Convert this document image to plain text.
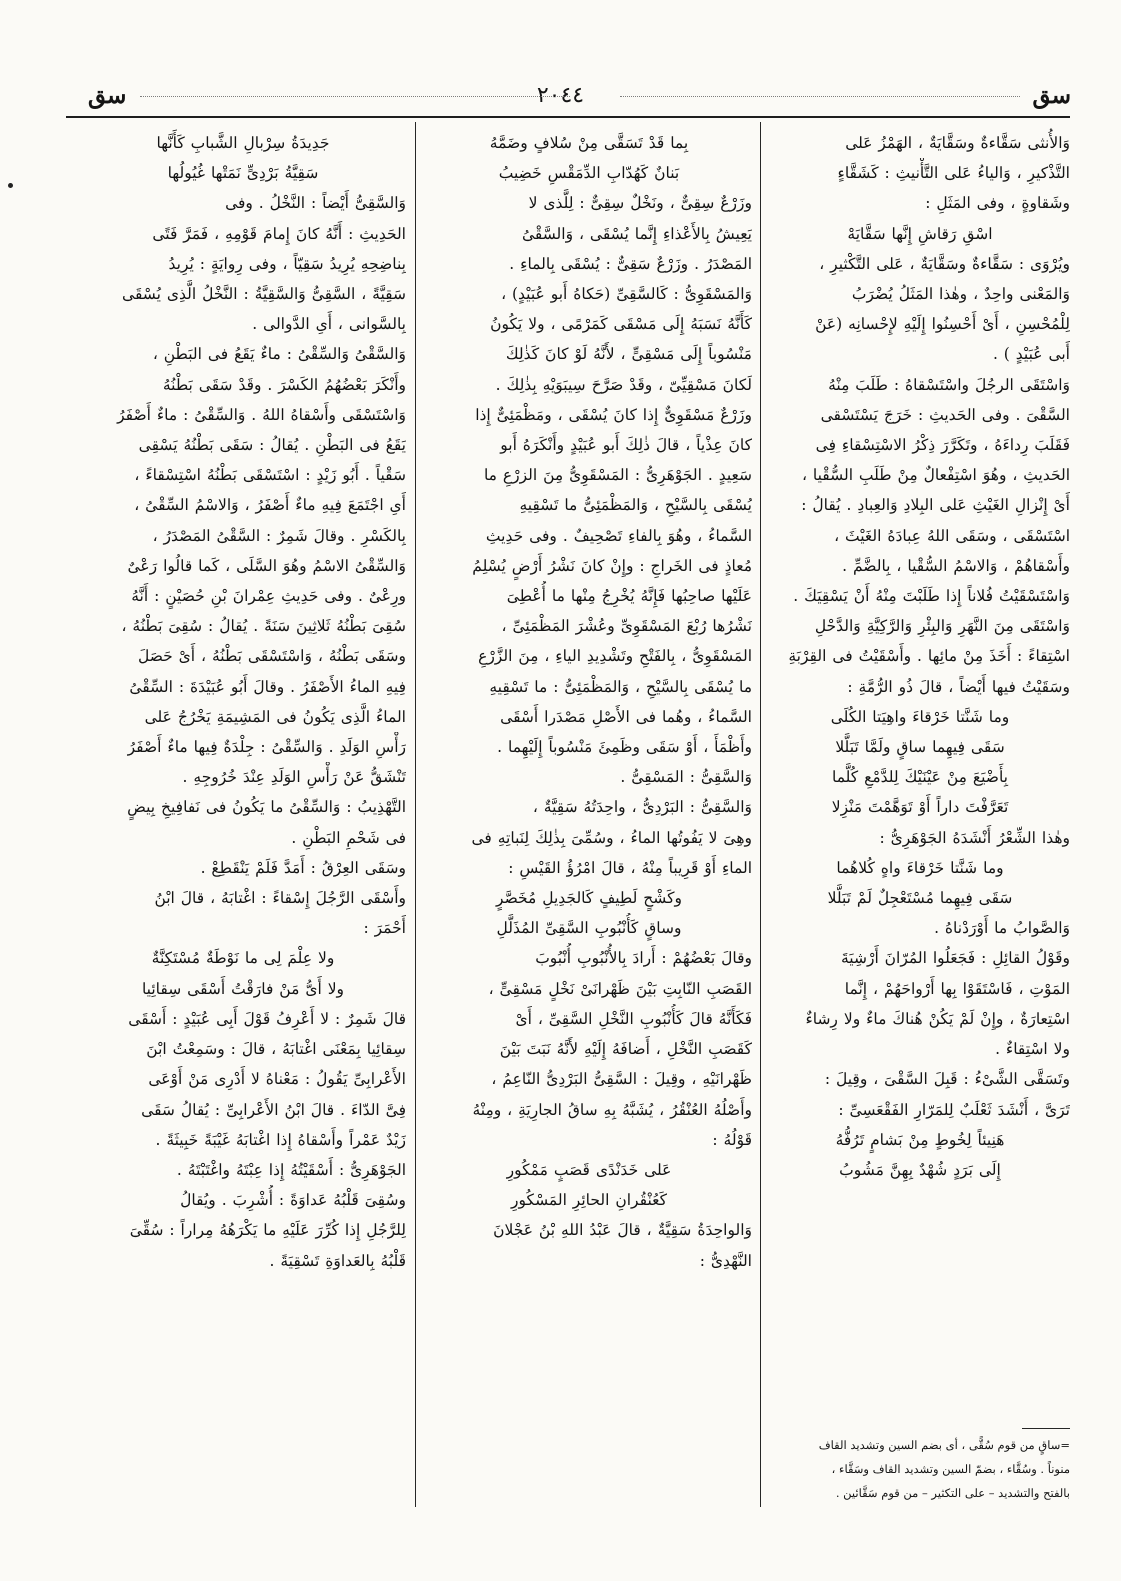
سق
٢٠٤٤
سق
وَالأُنثى سَقَّاءةٌ وسَقَّايَةٌ ، الهَمْزُ عَلى
التَّذْكيرِ ، وَالياءُ عَلى التَّأْنيثِ : كَشَقَّاءٍ
وشَقاوةٍ ، وفى المَثَلِ :
اسْقِ رَقاشِ إِنَّها سَقَّايَهْ
ويُرْوَى : سَقَّاءةٌ وسَقَّايَةٌ ، عَلى التَّكْثيرِ ،
وَالمَعْنى واحِدٌ ، وهٰذا المَثَلُ يُضْرَبُ
لِلْمُحْسِنِ ، أَىْ أَحْسِنُوا إِلَيْهِ لإِحْسانِه (عَنْ
أَبى عُبَيْدٍ ) .
وَاسْتَقَى الرجُلَ واسْتَسْقاهُ : طَلَبَ مِنْهُ
السَّقْىَ . وفى الحَديثِ : خَرَجَ يَسْتَسْقى
فَقَلَبَ رِداءَهُ ، وتَكَرَّرَ ذِكْرُ الاسْتِسْقاءِ فِى
الحَديثِ ، وهُوَ اسْتِفْعالٌ مِنْ طَلَبِ السُّقْيا ،
أَىْ إِنْزالِ الغَيْثِ عَلى البِلادِ وَالعِبادِ . يُقالُ :
اسْتَسْقَى ، وسَقَى اللهُ عِبادَهُ الغَيْثَ ،
وأَسْقاهُمْ ، وَالاسْمُ السُّقْيا ، بِالضَّمِّ .
وَاسْتَسْقَيْتُ فُلاناً إِذا طَلَبْتَ مِنْهُ أَنْ يَسْقِيَكَ .
وَاسْتَقَى مِنَ النَّهَرِ وَالبِئْرِ وَالرَّكِيَّةِ وَالدَّحْلِ
اسْتِقاءً : أَخَذَ مِنْ مائِها . وأَسْقَيْتُ فى القِرْبَةِ
وسَقَيْتُ فيها أَيْضاً ، قالَ ذُو الرُّمَّةِ :
وما شَنَّتا خَرْقاءَ واهِيَتا الكُلَى
سَقَى فِيهِما ساقٍ ولَمَّا تَبَلَّلا
بِأَضْيَعَ مِنْ عَيْنَيْكَ لِلدَّمْعِ كُلَّما
تَعَرَّفْتَ داراً أَوْ تَوَهَّمْتَ مَنْزِلا
وهٰذا الشِّعْرُ أَنْشَدَهُ الجَوْهَرِىُّ :
وما شَنَّتا خَرْقاءَ واهٍ كُلاهُما
سَقَى فِيهِما مُسْتَعْجِلٌ لَمْ تَبَلَّلا
وَالصَّوابُ ما أَوْرَدْناهُ .
وقَوْلُ القائِلِ : فَجَعَلُوا المُرّانَ أَرْشِيَةَ
المَوْتِ ، فَاسْتَقَوْا بِها أَرْواحَهُمْ ، إِنَّما
اسْتِعارَةٌ ، وإِنْ لَمْ يَكُنْ هُناكَ ماءٌ ولا رِشاءٌ
ولا اسْتِقاءٌ .
وتَسَقَّى الشَّىْءُ : قَبِلَ السَّقْىَ ، وقِيلَ :
تَرَىَّ ، أَنْشَدَ ثَعْلَبٌ لِلمَرّارِ الفَقْعَسِىِّ :
هَنِيئاً لِخُوطٍ مِنْ بَشامٍ تَرُفُّهُ
إِلَى بَرَدٍ شُهْدٌ بِهِنَّ مَشُوبُ
بِما قَدْ تَسَقَّى مِنْ سُلافٍ وضَمَّهُ
بَنانٌ كَهُدّابِ الدِّمَقْسِ خَضِيبُ
وزَرْعٌ سِقِىٌّ ، ونَخْلٌ سِقِىٌّ : لِلَّذى لا
يَعِيشُ بِالأَعْذاءِ إِنَّما يُسْقَى ، وَالسَّقْىُ
المَصْدَرُ . وزَرْعٌ سَقِىٌّ : يُسْقَى بِالماءِ .
وَالمَسْقَوِىُّ : كَالسَّقِىِّ (حَكاهُ أَبو عُبَيْدٍ) ،
كَأَنَّهُ نَسَبَهُ إِلَى مَسْقَى كَمَرْمًى ، ولا يَكُونُ
مَنْسُوباً إِلَى مَسْقِىٍّ ، لأَنَّهُ لَوْ كانَ كَذٰلِكَ
لَكانَ مَسْقِيِّىّ ، وقَدْ صَرَّحَ سِيبَوَيْهِ بِذٰلِكَ .
وزَرْعٌ مَسْقَوِىٌّ إِذا كانَ يُسْقَى ، ومَظْمَئِىٌّ إِذا
كانَ عِذْياً ، قالَ ذٰلِكَ أَبو عُبَيْدٍ وأَنْكَرَهُ أَبو
سَعِيدٍ . الجَوْهَرِىُّ : المَسْقَوِىُّ مِنَ الزرْعِ ما
يُسْقَى بِالسَّيْحِ ، وَالمَظْمَئِىُّ ما تَسْقِيهِ
السَّماءُ ، وهُوَ بِالفاءِ تَصْحِيفٌ . وفى حَدِيثِ
مُعاذٍ فى الخَراجِ : وإِنْ كانَ نَشْرُ أَرْضٍ يُسْلِمُ
عَلَيْها صاحِبُها فَإِنَّهُ يُخْرِجُ مِنْها ما أُعْطِىَ
نَشْرُها رُبْعَ المَسْقَوِىِّ وعُشْرَ المَظْمَئِىِّ ،
المَسْقَوِىُّ ، بِالفَتْحِ وتَشْدِيدِ الياءِ ، مِنَ الزَّرْعِ
ما يُسْقَى بِالسَّيْحِ ، وَالمَظْمَئِىُّ : ما تَسْقِيهِ
السَّماءُ ، وهُما فى الأَصْلِ مَصْدَرا أَسْقَى
وأَظْمَأَ ، أَوْ سَقَى وظَمِئَ مَنْسُوباً إِلَيْهِما .
وَالسَّقِىُّ : المَسْقِىُّ .
وَالسَّقِىُّ : البَرْدِىُّ ، واحِدَتُهُ سَقِيَّةٌ ،
وهِىَ لا يَفُوتُها الماءُ ، وسُمِّىَ بِذٰلِكَ لِنَباتِهِ فى
الماءِ أَوْ قَرِيباً مِنْهُ ، قالَ امْرُؤُ القَيْسِ :
وكَشْحٍ لَطِيفٍ كَالجَدِيلِ مُخَصَّرٍ
وساقٍ كَأُنْبُوبِ السَّقِىِّ المُذَلَّلِ
وقالَ بَعْضُهُمْ : أَرادَ بِالأُنْبُوبِ أُنْبُوبَ
القَصَبِ النّابِتِ بَيْنَ ظَهْرانَىْ نَخْلٍ مَسْقِىٍّ ،
فَكَأَنَّهُ قالَ كَأُنْبُوبِ النَّخْلِ السَّقِىِّ ، أَىْ
كَقَصَبِ النَّخْلِ ، أَضافَهُ إِلَيْهِ لأَنَّهُ نَبَتَ بَيْنَ
ظَهْرانَيْهِ ، وقِيلَ : السَّقِىُّ البَرْدِىُّ النّاعِمُ ،
وأَصْلُهُ العُنْقُرُ ، يُشَبَّهُ بِهِ ساقُ الجارِيَةِ ، ومِنْهُ
قَوْلُهُ :
عَلى خَدَنْدًى قَصَبٍ مَمْكُورِ
كَعُنْقُرانِ الحائِرِ المَسْكُورِ
وَالواحِدَةُ سَقِيَّةٌ ، قالَ عَبْدُ اللهِ بْنُ عَجْلانَ
النَّهْدِىُّ :
جَدِيدَةُ سِرْبالِ الشَّبابِ كَأَنَّها
سَقِيَّةُ بَرْدِىٍّ نَمَتْها غُيُولُها
وَالسَّقِىُّ أَيْضاً : النَّخْلُ . وفى
الحَدِيثِ : أَنَّهُ كانَ إِمامَ قَوْمِهِ ، فَمَرَّ فَتًى
بِناضِحِهِ يُرِيدُ سَقِيّاً ، وفى رِوايَةٍ : يُرِيدُ
سَقِيَّةً ، السَّقِىُّ وَالسَّقِيَّةُ : النَّخْلُ الَّذِى يُسْقَى
بِالسَّوانى ، أَىِ الدَّوالى .
وَالسَّقْىُ وَالسِّقْىُ : ماءٌ يَقَعُ فى البَطْنِ ،
وأَنْكَرَ بَعْضُهُمُ الكَسْرَ . وقَدْ سَقَى بَطْنُهُ
وَاسْتَسْقَى وأَسْقاهُ اللهُ . وَالسِّقْىُ : ماءٌ أَصْفَرُ
يَقَعُ فى البَطْنِ . يُقالُ : سَقَى بَطْنُهُ يَسْقِى
سَقْياً . أَبُو زَيْدٍ : اسْتَسْقَى بَطْنُهُ اسْتِسْقاءً ،
أَىِ اجْتَمَعَ فِيهِ ماءٌ أَصْفَرُ ، وَالاسْمُ السِّقْىُ ،
بِالكَسْرِ . وقالَ شَمِرٌ : السَّقْىُ المَصْدَرُ ،
وَالسِّقْىُ الاسْمُ وهُوَ السَّلَى ، كَما قالُوا رَعْىٌ
ورِعْىٌ . وفى حَدِيثِ عِمْرانَ بْنِ حُصَيْنٍ : أَنَّهُ
سُقِىَ بَطْنُهُ ثَلاثِينَ سَنَةً . يُقالُ : سُقِىَ بَطْنُهُ ،
وسَقَى بَطْنُهُ ، وَاسْتَسْقَى بَطْنُهُ ، أَىْ حَصَلَ
فِيهِ الماءُ الأَصْفَرُ . وقالَ أَبُو عُبَيْدَةَ : السِّقْىُ
الماءُ الَّذِى يَكُونُ فى المَشِيمَةِ يَخْرُجُ عَلى
رَأْسِ الوَلَدِ . وَالسِّقْىُ : جِلْدَةٌ فِيها ماءٌ أَصْفَرُ
تَنْشَقُّ عَنْ رَأْسِ الوَلَدِ عِنْدَ خُرُوجِهِ .
التَّهْذِيبُ : وَالسِّقْىُ ما يَكُونُ فى نَفافِيخِ بِيضٍ
فى شَحْمِ البَطْنِ .
وسَقَى العِرْقُ : أَمَدَّ فَلَمْ يَنْقَطِعْ .
وأَسْقَى الرَّجُلَ إِسْقاءً : اغْتابَهُ ، قالَ ابْنُ
أَحْمَرَ :
ولا عِلْمَ لِى ما نَوْطَةٌ مُسْتَكِنَّةٌ
ولا أَىُّ مَنْ فارَقْتُ أَسْقَى سِقائِيا
قالَ شَمِرٌ : لا أَعْرِفُ قَوْلَ أَبِى عُبَيْدٍ : أَسْقَى
سِقائِيا بِمَعْنَى اغْتابَهُ ، قالَ : وسَمِعْتُ ابْنَ
الأَعْرابِىِّ يَقُولُ : مَعْناهُ لا أَدْرِى مَنْ أَوْعَى
فِىَّ الدّاءَ . قالَ ابْنُ الأَعْرابِىِّ : يُقالُ سَقَى
زَيْدٌ عَمْراً وأَسْقاهُ إِذا اغْتابَهُ غَيْبَةً خَبِيثَةً .
الجَوْهَرِىُّ : أَسْقَيْتُهُ إِذا عِبْتَهُ واغْتَبْتَهُ .
وسُقِىَ قَلْبُهُ عَداوَةً : أُشْرِبَ . ويُقالُ
لِلرَّجُلِ إِذا كُرِّرَ عَلَيْهِ ما يَكْرَهُهُ مِراراً : سُقِّىَ
قَلْبُهُ بِالعَداوَةِ تَسْقِيَةً .
=ساقٍ من قوم سُقًّى ، أى بضم السين وتشديد القاف
منوناً . وسُقَّاء ، بضمّ السين وتشديد القاف وسَقَّاء ،
بالفتح والتشديد – على التكثير – من قوم سَقَّائين .
